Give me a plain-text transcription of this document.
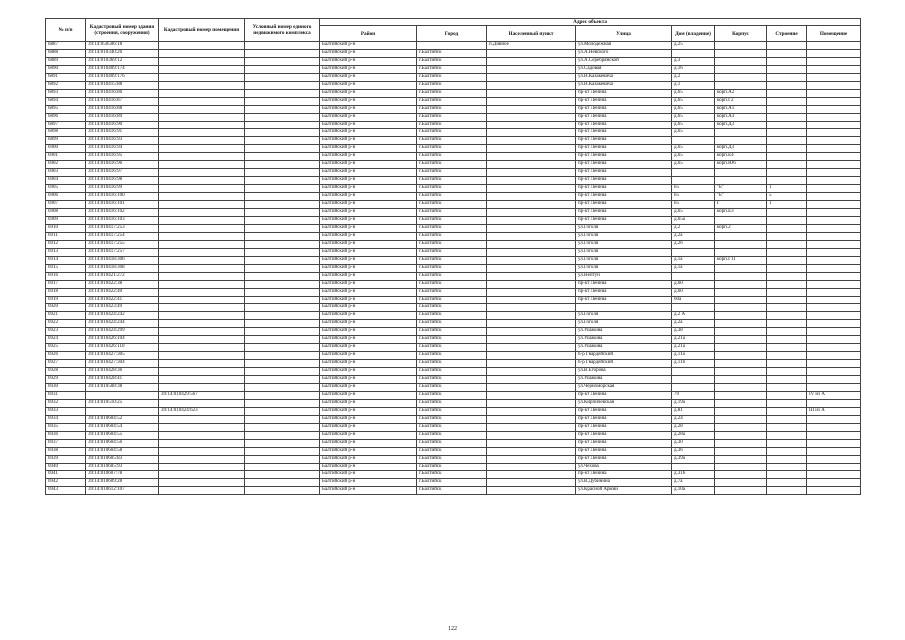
№ п/п	Кадастровый номер здания (строения, сооружения)	Кадастровый номер помещения	Условный номер единого недвижимого комплекса	Адрес объекта							
				Район	Город	Населенный пункт	Улица	Дом (владение)	Корпус	Строение	Помещение
6887	39:14:050506:18			Балтийский р-н		п.Дивное	ул.Молодежная	д.25			
6888	39:14:010340:26			Балтийский р-н	г.Балтийск		ул.А.Невского				
6889	39:14:010369:12			Балтийский р-н	г.Балтийск		ул.А.Серебрянской	д.3			
6890	39:14:010409:174			Балтийский р-н	г.Балтийск		ул.Садовая	д.16			
6891	39:14:010409:176			Балтийский р-н	г.Балтийск		ул.Н.Казакевича	д.2			
6892	39:14:010415:88			Балтийский р-н	г.Балтийск		ул.Н.Казакевича	д.1			
6893	39:14:010416:86			Балтийский р-н	г.Балтийск		пр-кт Ленина	д.65	корп.А2		
6894	39:14:010416:87			Балтийский р-н	г.Балтийск		пр-кт Ленина	д.65	корп.Г2		
6895	39:14:010416:88			Балтийский р-н	г.Балтийск		пр-кт Ленина	д.65	корп.А1		
6896	39:14:010416:89			Балтийский р-н	г.Балтийск		пр-кт Ленина	д.65	корп.А3		
6897	39:14:010416:90			Балтийский р-н	г.Балтийск		пр-кт Ленина	д.65	корп.Д3		
6898	39:14:010416:91			Балтийский р-н	г.Балтийск		пр-кт Ленина	д.65			
6899	39:14:010416:93			Балтийский р-н	г.Балтийск		пр-кт Ленина				
6900	39:14:010416:94			Балтийский р-н	г.Балтийск		пр-кт Ленина	д.65	корп.Д3		
6901	39:14:010416:95			Балтийский р-н	г.Балтийск		пр-кт Ленина	д.65	корп.Е4		
6902	39:14:010416:96			Балтийский р-н	г.Балтийск		пр-кт Ленина	д.65	корп.Ю6		
6903	39:14:010416:97			Балтийский р-н	г.Балтийск		пр-кт Ленина				
6904	39:14:010416:98			Балтийский р-н	г.Балтийск		пр-кт Ленина				
6905	39:14:010416:99			Балтийский р-н	г.Балтийск		пр-кт Ленина	65	"Е"	1	
6906	39:14:010416:100			Балтийский р-н	г.Балтийск		пр-кт Ленина	65	"Е"	5	
6907	39:14:010416:101			Балтийский р-н	г.Балтийск		пр-кт Ленина	65	Г	1	
6908	39:14:010416:102			Балтийский р-н	г.Балтийск		пр-кт Ленина	д.65	корп.Е3		
6909	39:14:010416:103			Балтийский р-н	г.Балтийск		пр-кт Ленина	д.65а			
6910	39:14:010417:253			Балтийский р-н	г.Балтийск		ул.Гоголя	д.2	корп.2		
6911	39:14:010417:254			Балтийский р-н	г.Балтийск		ул.Гоголя	д.2а			
6912	39:14:010417:255			Балтийский р-н	г.Балтийск		ул.Гоголя	д.2б			
6913	39:14:010417:257			Балтийский р-н	г.Балтийск		ул.Гоголя				
6914	39:14:010418:306			Балтийский р-н	г.Балтийск		ул.Гоголя	д.1а	корп.Г11		
6915	39:14:010418:308			Балтийский р-н	г.Балтийск		ул.Гоголя	д.1а			
6916	39:14:010421:272			Балтийский р-н	г.Балтийск		ул.Нептун				
6917	39:14:010422:38			Балтийский р-н	г.Балтийск		пр-кт Ленина	д.60			
6918	39:14:010422:40			Балтийский р-н	г.Балтийск		пр-кт Ленина	д.60			
6919	39:14:010422:41			Балтийский р-н	г.Балтийск		пр-кт Ленина	60а			
6920	39:14:010423:49			Балтийский р-н	г.Балтийск						
6921	39:14:010424:242			Балтийский р-н	г.Балтийск		ул.Гоголя	д.2 А			
6922	39:14:010424:244			Балтийский р-н	г.Балтийск		ул.Гоголя	д.2а			
6923	39:14:010424:299			Балтийский р-н	г.Балтийск		ул.Ушакова	д.38			
6924	39:14:010426:104			Балтийский р-н	г.Балтийск		ул.Ушакова	д.21а			
6925	39:14:010426:110			Балтийский р-н	г.Балтийск		ул.Ушакова	д.21а			
6926	39:14:010427:305			Балтийский р-н	г.Балтийск		б-р Гвардейский	д.11а			
6927	39:14:010427:304			Балтийский р-н	г.Балтийск		б-р Гвардейский	д.11б			
6928	39:14:010428:36			Балтийский р-н	г.Балтийск		ул.В.Егорова				
6929	39:14:010428:41			Балтийский р-н	г.Балтийск		ул.Ушакова				
6930	39:14:010508:38			Балтийский р-н	г.Балтийск		ул.Черноморская				
6931		39:14:010429:567		Балтийский р-н	г.Балтийск		пр-кт Ленина	79			IV из А
6932	39:14:010510:25			Балтийский р-н	г.Балтийск		ул.Кирпичёвская	д.19а			
6933		39:14:010424:623		Балтийский р-н	г.Балтийск		пр-кт Ленина	д.81			III из А
6934	39:14:010604:52			Балтийский р-н	г.Балтийск		пр-кт Ленина	д.24			
6935	39:14:010604:54			Балтийский р-н	г.Балтийск		пр-кт Ленина	д.28			
6936	39:14:010604:55			Балтийский р-н	г.Балтийск		пр-кт Ленина	д.28а			
6937	39:14:010604:56			Балтийский р-н	г.Балтийск		пр-кт Ленина	д.30			
6938	39:14:010604:58			Балтийский р-н	г.Балтийск		пр-кт Ленина	д.36			
6939	39:14:010605:83			Балтийский р-н	г.Балтийск		пр-кт Ленина	д.39а			
6940	39:14:010605:93			Балтийский р-н	г.Балтийск		ул.Чехова				
6941	39:14:010607:78			Балтийский р-н	г.Балтийск		пр-кт Ленина	д.31б			
6942	39:14:010609:28			Балтийский р-н	г.Балтийск		ул.В.Дубинина	д.7а			
6943	39:14:010612:107			Балтийский р-н	г.Балтийск		ул.Красной Армии	д.10а			
122
